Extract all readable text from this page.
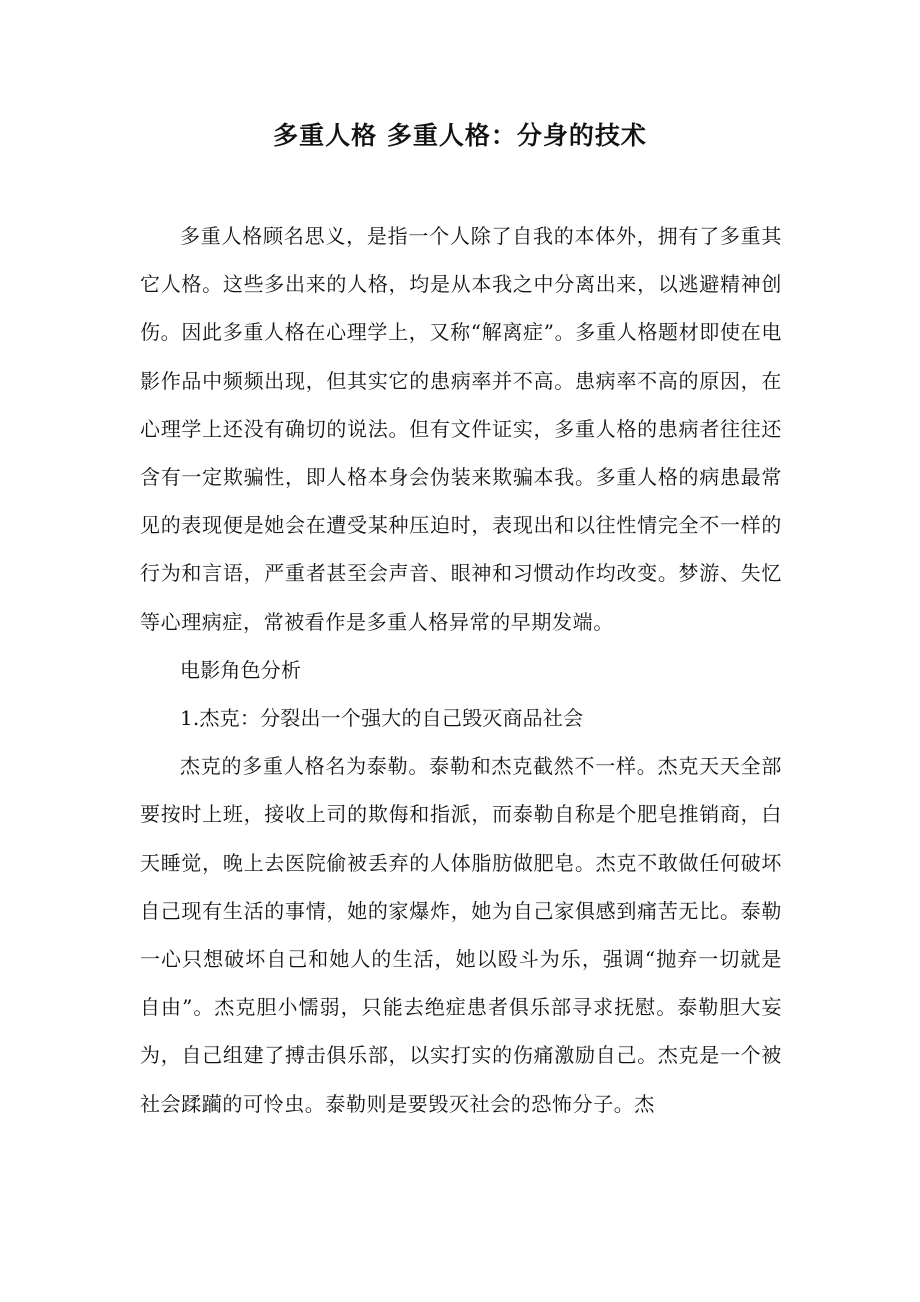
多重人格 多重人格：分身的技术

多重人格顾名思义，是指一个人除了自我的本体外，拥有了多重其它人格。这些多出来的人格，均是从本我之中分离出来，以逃避精神创伤。因此多重人格在心理学上，又称“解离症”。多重人格题材即使在电影作品中频频出现，但其实它的患病率并不高。患病率不高的原因，在心理学上还没有确切的说法。但有文件证实，多重人格的患病者往往还含有一定欺骗性，即人格本身会伪装来欺骗本我。多重人格的病患最常见的表现便是她会在遭受某种压迫时，表现出和以往性情完全不一样的行为和言语，严重者甚至会声音、眼神和习惯动作均改变。梦游、失忆等心理病症，常被看作是多重人格异常的早期发端。

电影角色分析

1.杰克：分裂出一个强大的自己毁灭商品社会

杰克的多重人格名为泰勒。泰勒和杰克截然不一样。杰克天天全部要按时上班，接收上司的欺侮和指派，而泰勒自称是个肥皂推销商，白天睡觉，晚上去医院偷被丢弃的人体脂肪做肥皂。杰克不敢做任何破坏自己现有生活的事情，她的家爆炸，她为自己家俱感到痛苦无比。泰勒一心只想破坏自己和她人的生活，她以殴斗为乐，强调“抛弃一切就是自由”。杰克胆小懦弱，只能去绝症患者俱乐部寻求抚慰。泰勒胆大妄为，自己组建了搏击俱乐部，以实打实的伤痛激励自己。杰克是一个被社会蹂躏的可怜虫。泰勒则是要毁灭社会的恐怖分子。杰
